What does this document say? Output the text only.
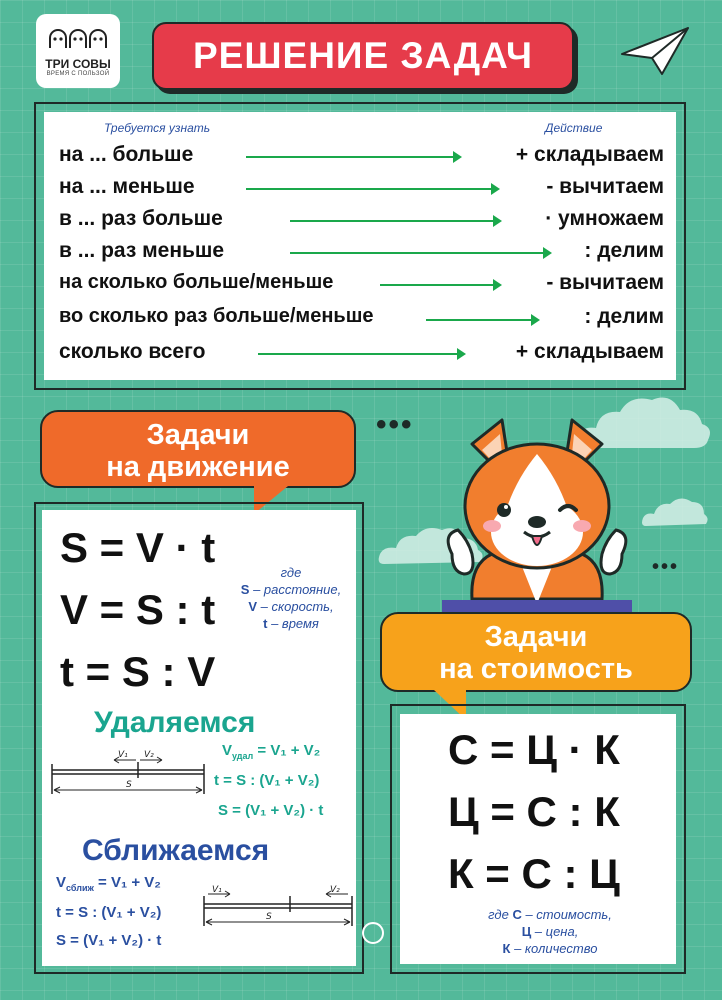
ТРИ СОВЫ
ВРЕМЯ С ПОЛЬЗОЙ	РЕШЕНИЕ ЗАДАЧ
Требуется узнать	Действие
на ... больше	+ складываем
на ... меньше	- вычитаем
в ... раз больше	· умножаем
в ... раз меньше	: делим
на сколько больше/меньше	- вычитаем
во сколько раз больше/меньше	: делим
сколько всего	+ складываем
Задачи
на движение
•••
•••
S = V · t
V = S : t
t = S : V
где
S – расстояние,
V – скорость,
t – время
Удаляемся
V₁ V₂
S
$V_{удал} = V_1 + V_2$
t = S : (V₁ + V₂)
S = (V₁ + V₂) · t
Сближаемся
$V_{сближ} = V_1 + V_2$
t = S : (V₁ + V₂)
S = (V₁ + V₂) · t
V₁	V₂
S
Задачи
на стоимость
С = Ц · К
Ц = С : К
К = С : Ц
где С – стоимость,
Ц – цена,
К – количество
